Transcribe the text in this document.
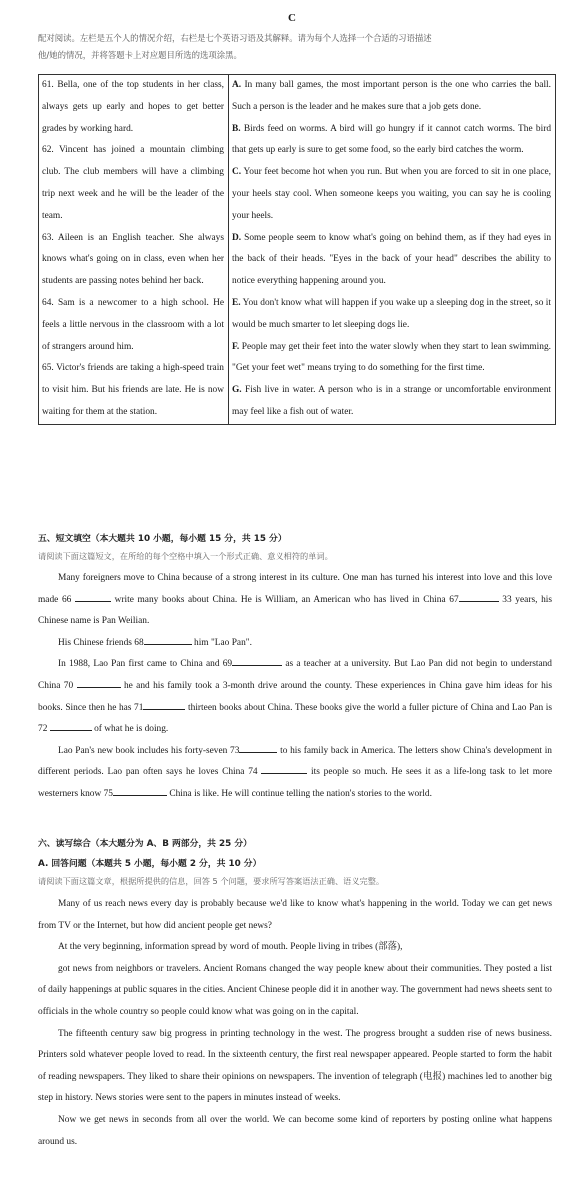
C
配对阅读。左栏是五个人的情况介绍，右栏是七个英语习语及其解释。请为每个人选择一个合适的习语描述
他/她的情况，并将答题卡上对应题目所选的选项涂黑。
61. Bella, one of the top students in her class, always gets up early and hopes to get better grades by working hard.
62. Vincent has joined a mountain climbing club. The club members will have a climbing trip next week and he will be the leader of the team.
63. Aileen is an English teacher. She always knows what's going on in class, even when her students are passing notes behind her back.
64. Sam is a newcomer to a high school. He feels a little nervous in the classroom with a lot of strangers around him.
65. Victor's friends are taking a high-speed train to visit him. But his friends are late. He is now waiting for them at the station.
A. In many ball games, the most important person is the one who carries the ball. Such a person is the leader and he makes sure that a job gets done.
B. Birds feed on worms. A bird will go hungry if it cannot catch worms. The bird that gets up early is sure to get some food, so the early bird catches the worm.
C. Your feet become hot when you run. But when you are forced to sit in one place, your heels stay cool. When someone keeps you waiting, you can say he is cooling your heels.
D. Some people seem to know what's going on behind them, as if they had eyes in the back of their heads. "Eyes in the back of your head" describes the ability to notice everything happening around you.
E. You don't know what will happen if you wake up a sleeping dog in the street, so it would be much smarter to let sleeping dogs lie.
F. People may get their feet into the water slowly when they start to lean swimming. "Get your feet wet" means trying to do something for the first time.
G. Fish live in water. A person who is in a strange or uncomfortable environment may feel like a fish out of water.
五、短文填空（本大题共 10 小题，每小题 15 分，共 15 分）
请阅读下面这篇短文，在所给的每个空格中填入一个形式正确、意义相符的单词。

Many foreigners move to China because of a strong interest in its culture. One man has turned his interest into love and this love made 66	write many books about China. He is William, an American who has lived in China 67	33 years, his Chinese name is Pan Weilian.

His Chinese friends 68	him "Lao Pan".

In 1988, Lao Pan first came to China and 69	as a teacher at a university. But Lao Pan did not begin to understand China 70	he and his family took a 3-month drive around the county. These experiences in China gave him ideas for his books. Since then he has 71	thirteen books about China. These books give the world a fuller picture of China and Lao Pan is 72	of what he is doing.

Lao Pan's new book includes his forty-seven 73	to his family back in America. The letters show China's development in different periods. Lao pan often says he loves China 74	its people so much. He sees it as a life-long task to let more westerners know 75	China is like. He will continue telling the nation's stories to the world.

六、读写综合（本大题分为 A、B 两部分，共 25 分）
A. 回答问题（本题共 5 小题，每小题 2 分，共 10 分）
请阅读下面这篇文章，根据所提供的信息，回答 5 个问题，要求所写答案语法正确、语义完整。

Many of us reach news every day is probably because we'd like to know what's happening in the world. Today we can get news from TV or the Internet, but how did ancient people get news?

At the very beginning, information spread by word of mouth. People living in tribes (部落),

got news from neighbors or travelers. Ancient Romans changed the way people knew about their communities. They posted a list of daily happenings at public squares in the cities. Ancient Chinese people did it in another way. The government had news sheets sent to officials in the whole country so people could know what was going on in the capital.

The fifteenth century saw big progress in printing technology in the west. The progress brought a sudden rise of news business. Printers sold whatever people loved to read. In the sixteenth century, the first real newspaper appeared. People started to form the habit of reading newspapers. They liked to share their opinions on newspapers. The invention of telegraph (电报) machines led to another big step in history. News stories were sent to the papers in minutes instead of weeks.

Now we get news in seconds from all over the world. We can become some kind of reporters by posting online what happens around us.
